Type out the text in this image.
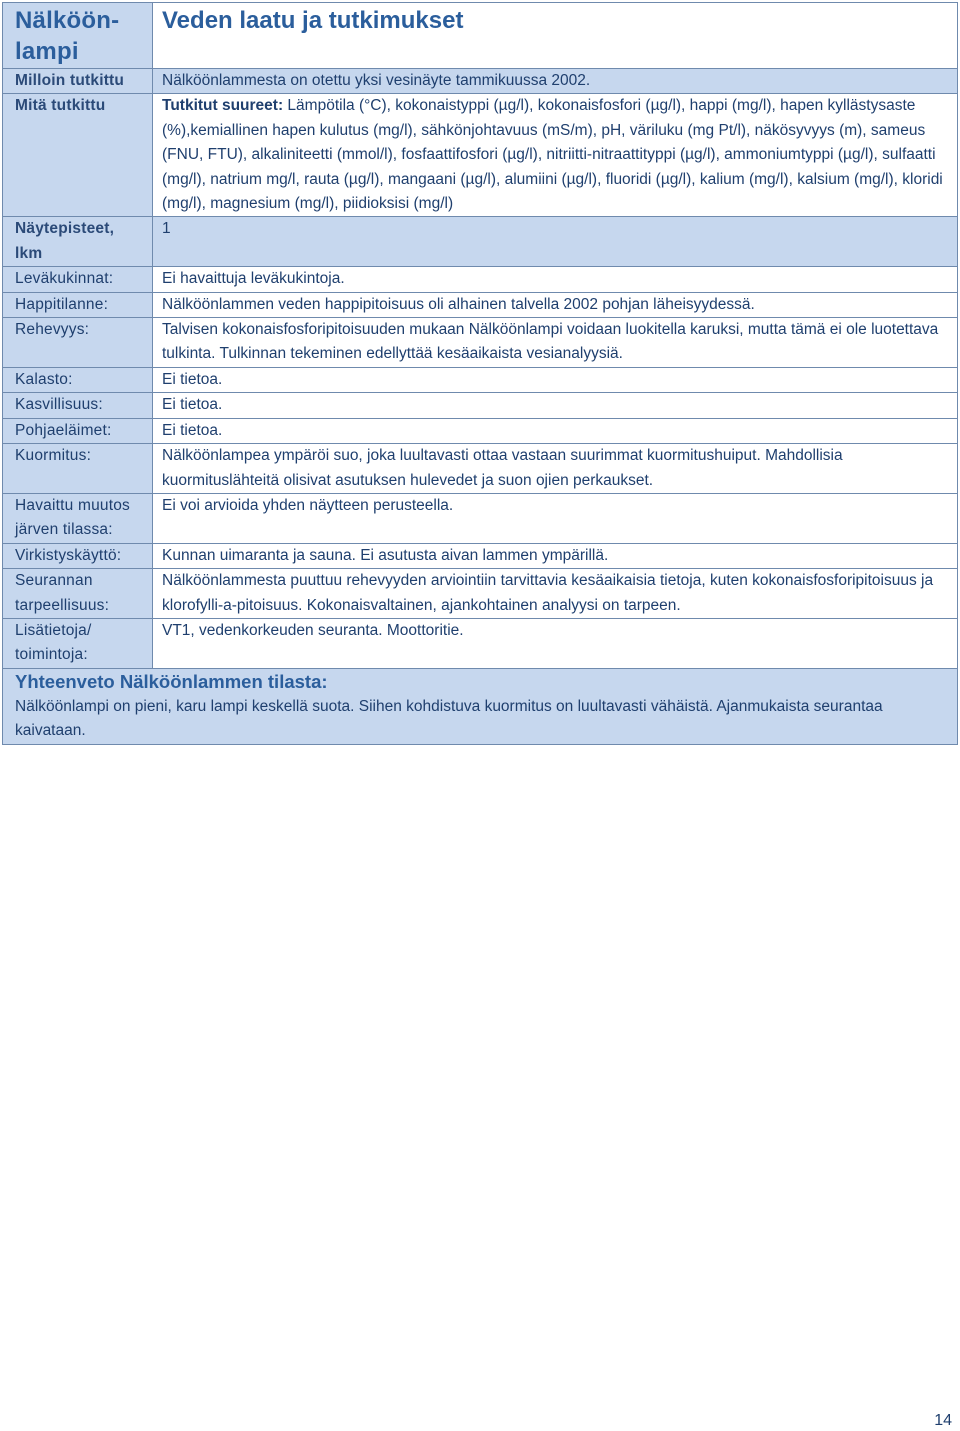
Nälköön-lampi	Veden laatu ja tutkimukset
Milloin tutkittu	Nälköönlammesta on otettu yksi vesinäyte tammikuussa 2002.
Mitä tutkittu	Tutkitut suureet: Lämpötila (°C), kokonaistyppi (µg/l), kokonaisfosfori (µg/l), happi (mg/l), hapen kyllästysaste (%),kemiallinen hapen kulutus (mg/l), sähkönjohtavuus (mS/m), pH, väriluku (mg Pt/l), näkösyvyys (m), sameus (FNU, FTU), alkaliniteetti (mmol/l), fosfaattifosfori (µg/l), nitriitti-nitraattityppi (µg/l), ammoniumtyppi (µg/l), sulfaatti (mg/l), natrium mg/l, rauta (µg/l), mangaani (µg/l), alumiini (µg/l), fluoridi (µg/l), kalium (mg/l), kalsium (mg/l), kloridi (mg/l), magnesium (mg/l), piidioksisi (mg/l)
Näytepisteet, lkm	1
Leväkukinnat:	Ei havaittuja leväkukintoja.
Happitilanne:	Nälköönlammen veden happipitoisuus oli alhainen talvella 2002 pohjan läheisyydessä.
Rehevyys:	Talvisen kokonaisfosforipitoisuuden mukaan Nälköönlampi voidaan luokitella karuksi, mutta tämä ei ole luotettava tulkinta. Tulkinnan tekeminen edellyttää kesäaikaista vesianalyysiä.
Kalasto:	Ei tietoa.
Kasvillisuus:	Ei tietoa.
Pohjaeläimet:	Ei tietoa.
Kuormitus:	Nälköönlampea ympäröi suo, joka luultavasti ottaa vastaan suurimmat kuormitushuiput. Mahdollisia kuormituslähteitä olisivat asutuksen hulevedet ja suon ojien perkaukset.
Havaittu muutos järven tilassa:	Ei voi arvioida yhden näytteen perusteella.
Virkistyskäyttö:	Kunnan uimaranta ja sauna. Ei asutusta aivan lammen ympärillä.
Seurannan tarpeellisuus:	Nälköönlammesta puuttuu rehevyyden arviointiin tarvittavia kesäaikaisia tietoja, kuten kokonaisfosforipitoisuus ja klorofylli-a-pitoisuus. Kokonaisvaltainen, ajankohtainen analyysi on tarpeen.
Lisätietoja/ toimintoja:	VT1, vedenkorkeuden seuranta. Moottoritie.

Yhteenveto Nälköönlammen tilasta:
Nälköönlampi on pieni, karu lampi keskellä suota. Siihen kohdistuva kuormitus on luultavasti vähäistä. Ajanmukaista seurantaa kaivataan.	
14
